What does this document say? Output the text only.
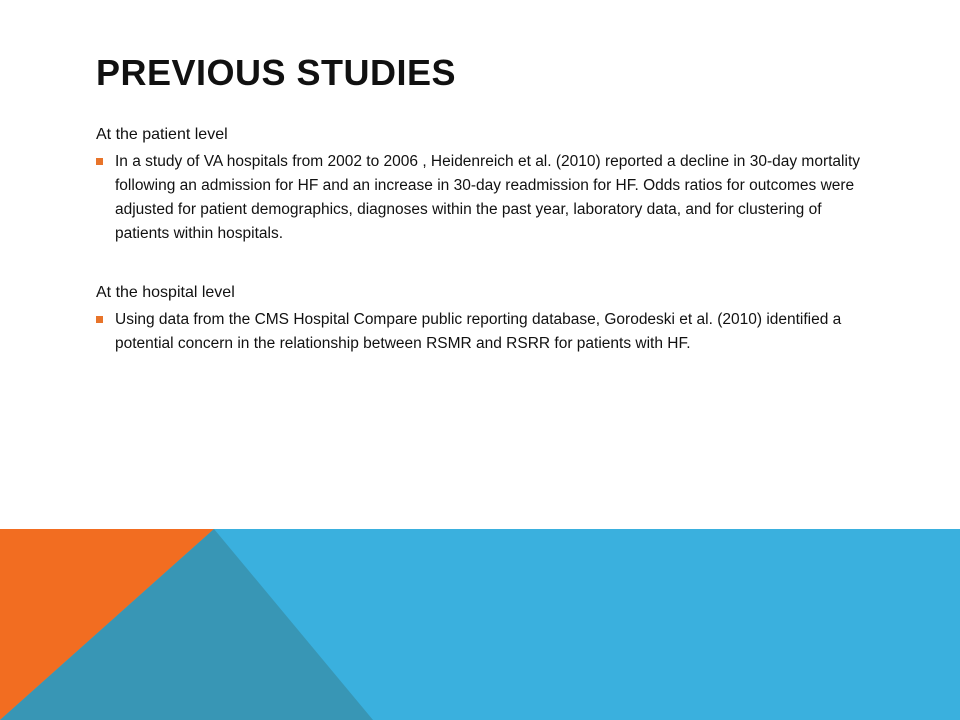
PREVIOUS STUDIES
At the patient level
In a study of VA hospitals from 2002 to 2006 , Heidenreich et al. (2010) reported a decline in 30-day mortality following an admission for HF and an increase in 30-day readmission for HF. Odds ratios for outcomes were adjusted for patient demographics, diagnoses within the past year, laboratory data, and for clustering of patients within hospitals.
At the hospital level
Using data from the CMS Hospital Compare public reporting database, Gorodeski et al. (2010) identified a potential concern in the relationship between RSMR and RSRR for patients with HF.
